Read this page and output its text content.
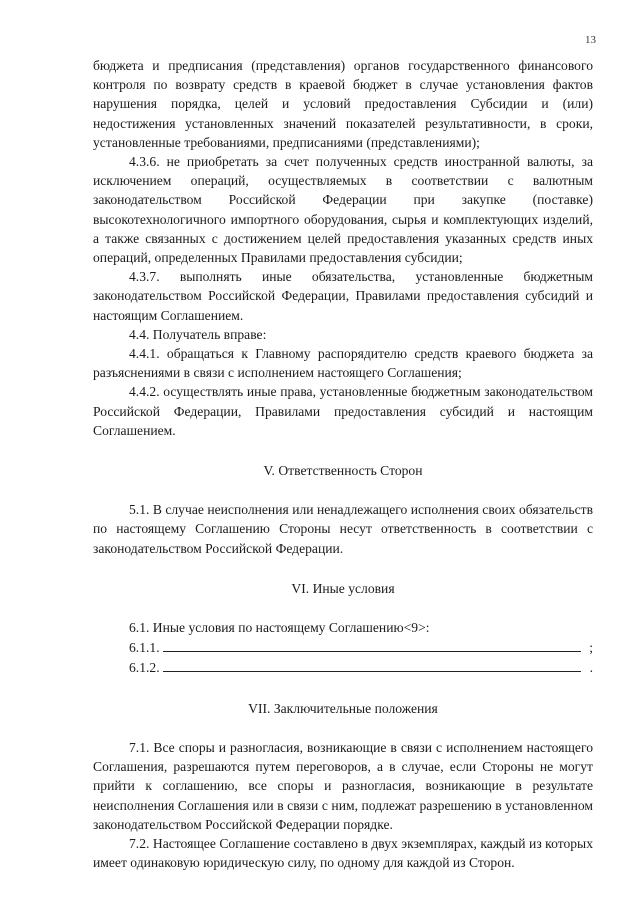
13

бюджета и предписания (представления) органов государственного финансового контроля по возврату средств в краевой бюджет в случае установления фактов нарушения порядка, целей и условий предоставления Субсидии и (или) недостижения установленных значений показателей результативности, в сроки, установленные требованиями, предписаниями (представлениями);

4.3.6. не приобретать за счет полученных средств иностранной валюты, за исключением операций, осуществляемых в соответствии с валютным законодательством Российской Федерации при закупке (поставке) высокотехнологичного импортного оборудования, сырья и комплектующих изделий, а также связанных с достижением целей предоставления указанных средств иных операций, определенных Правилами предоставления субсидии;

4.3.7. выполнять иные обязательства, установленные бюджетным законодательством Российской Федерации, Правилами предоставления субсидий и настоящим Соглашением.

4.4. Получатель вправе:

4.4.1. обращаться к Главному распорядителю средств краевого бюджета за разъяснениями в связи с исполнением настоящего Соглашения;

4.4.2. осуществлять иные права, установленные бюджетным законодательством Российской Федерации, Правилами предоставления субсидий и настоящим Соглашением.

V. Ответственность Сторон

5.1. В случае неисполнения или ненадлежащего исполнения своих обязательств по настоящему Соглашению Стороны несут ответственность в соответствии с законодательством Российской Федерации.

VI. Иные условия

6.1. Иные условия по настоящему Соглашению<9>:

6.1.1.	;
6.1.2.	.

VII. Заключительные положения

7.1. Все споры и разногласия, возникающие в связи с исполнением настоящего Соглашения, разрешаются путем переговоров, а в случае, если Стороны не могут прийти к соглашению, все споры и разногласия, возникающие в результате неисполнения Соглашения или в связи с ним, подлежат разрешению в установленном законодательством Российской Федерации порядке.

7.2. Настоящее Соглашение составлено в двух экземплярах, каждый из которых имеет одинаковую юридическую силу, по одному для каждой из Сторон.
